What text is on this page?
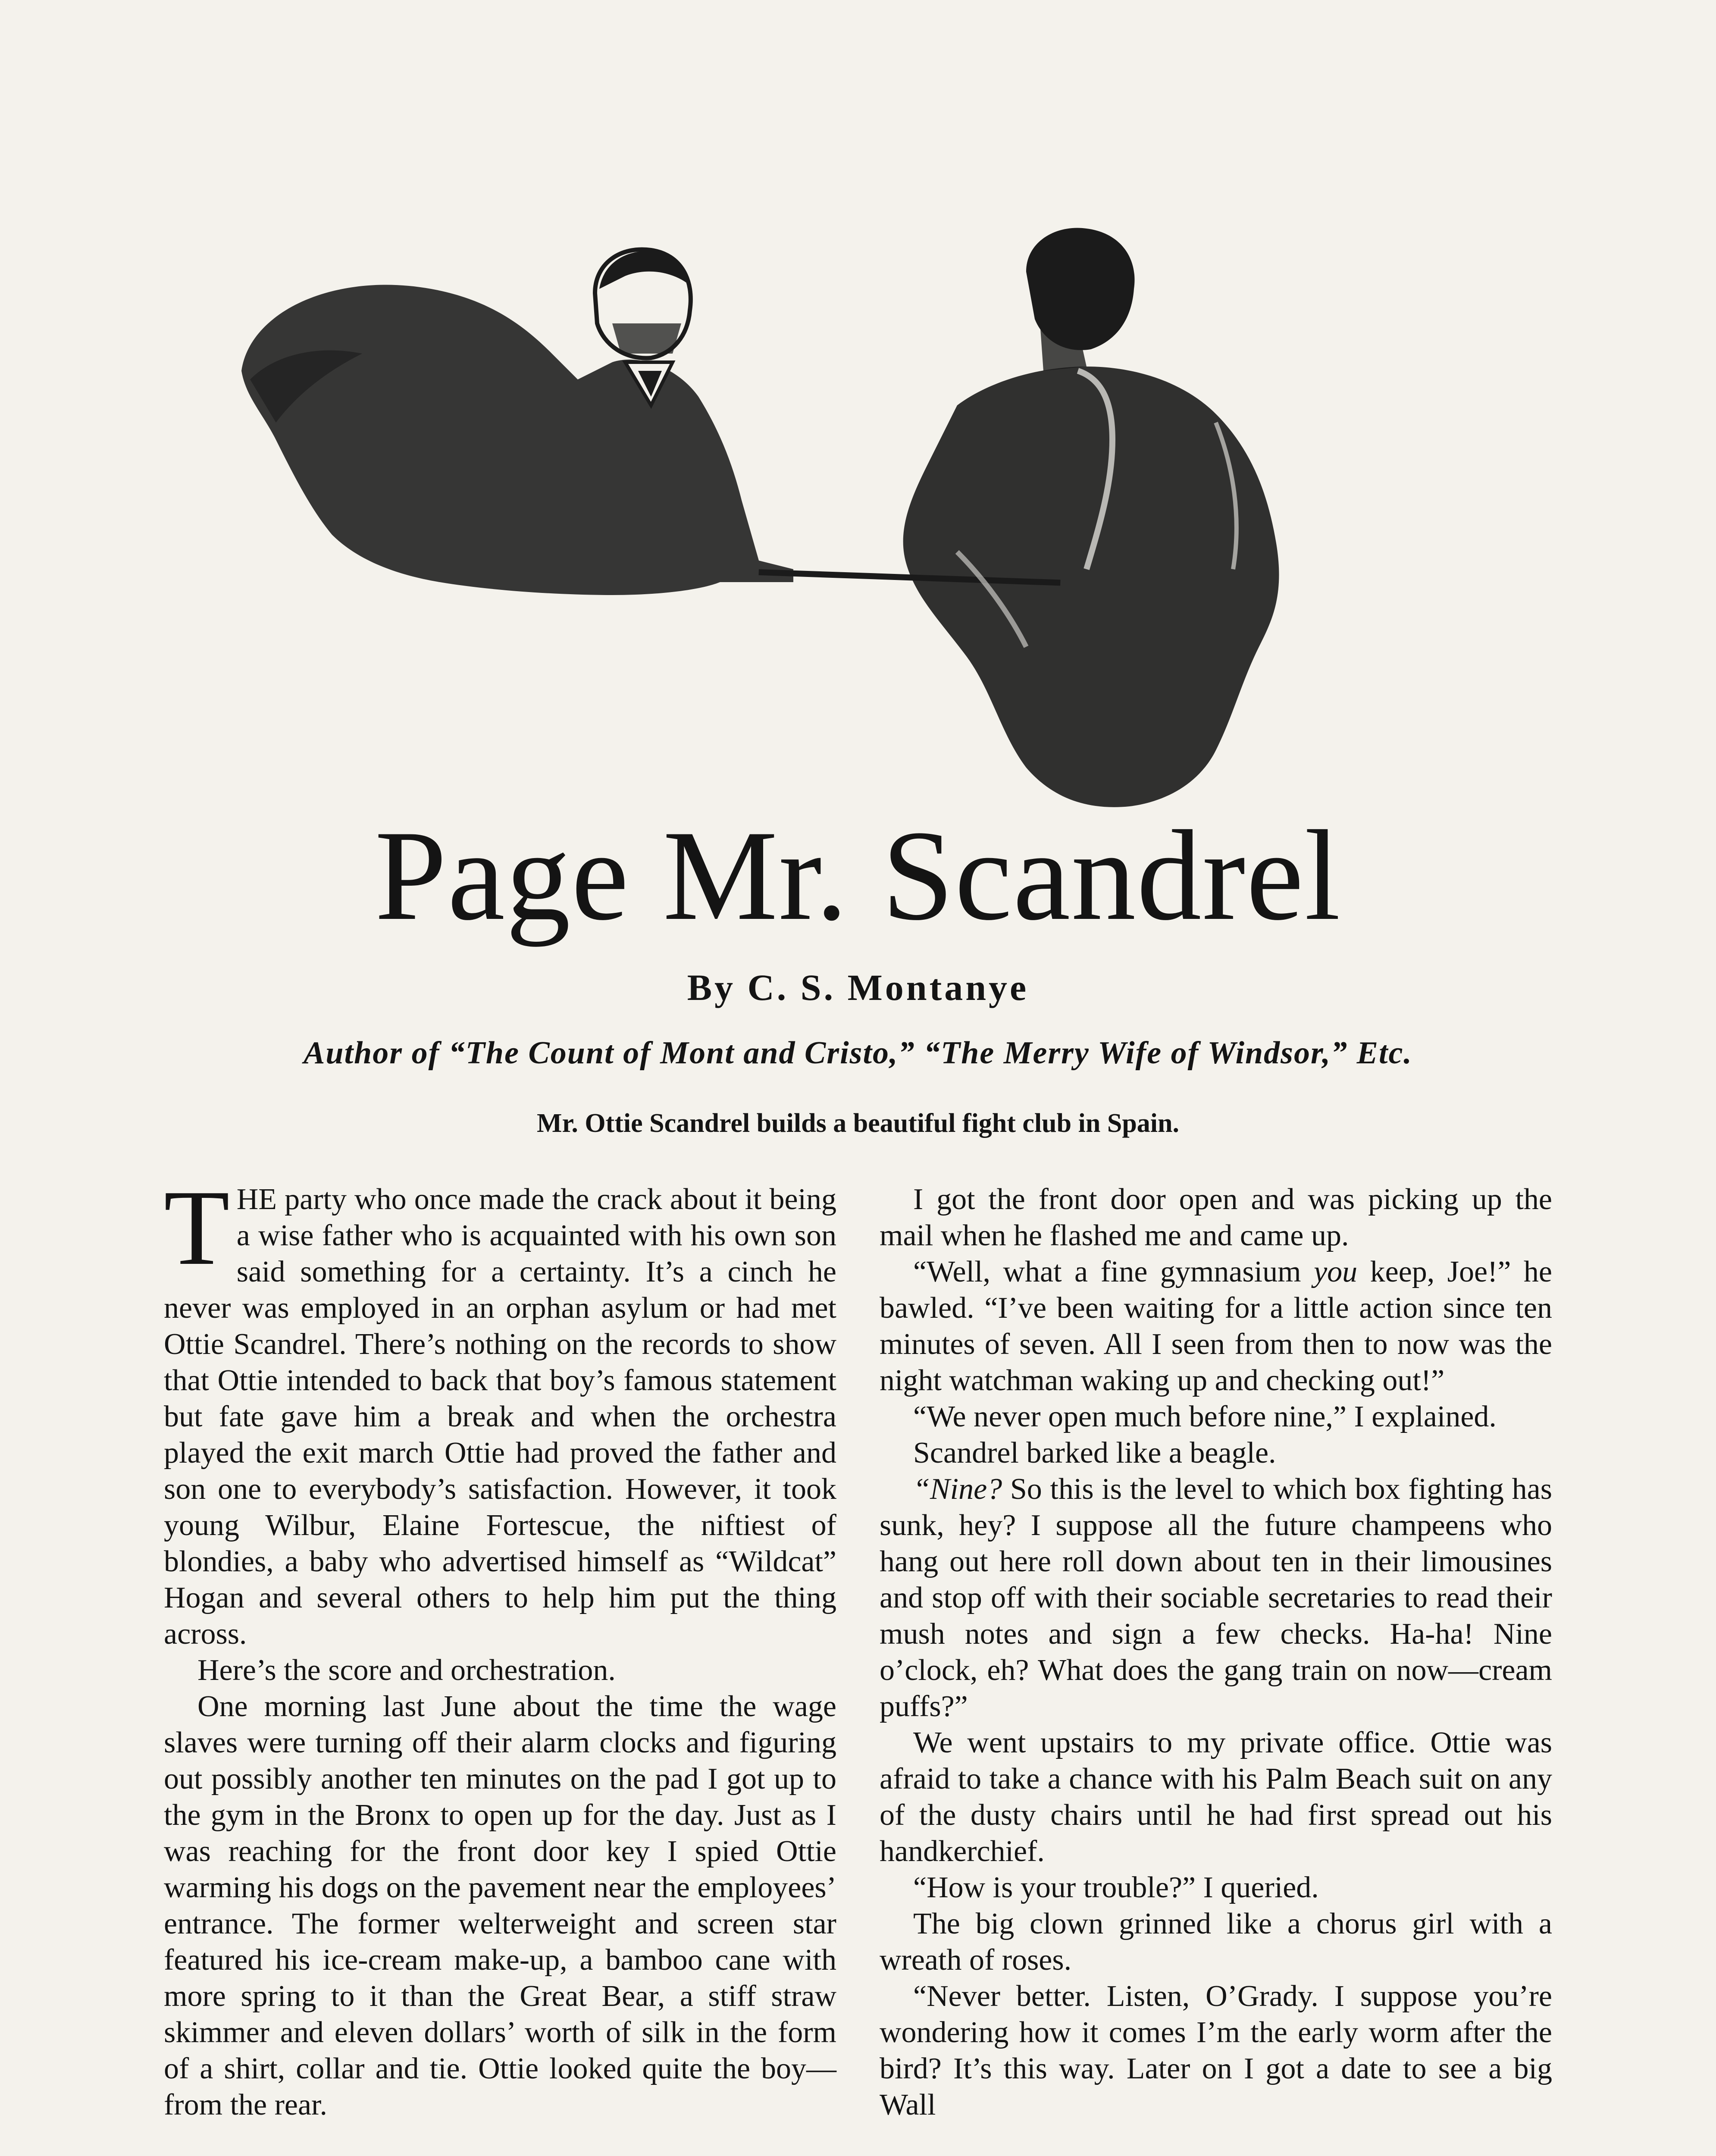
Page Mr. Scandrel
By C. S. Montanye
Author of “The Count of Mont and Cristo,” “The Merry Wife of Windsor,” Etc.
Mr. Ottie Scandrel builds a beautiful fight club in Spain.

THE party who once made the crack about it being a wise father who is acquainted with his own son said something for a certainty. It’s a cinch he never was employed in an orphan asylum or had met Ottie Scandrel. There’s nothing on the records to show that Ottie intended to back that boy’s famous statement but fate gave him a break and when the orchestra played the exit march Ottie had proved the father and son one to everybody’s satisfaction. However, it took young Wilbur, Elaine Fortescue, the niftiest of blondies, a baby who advertised himself as “Wildcat” Hogan and several others to help him put the thing across.

Here’s the score and orchestration.

One morning last June about the time the wage slaves were turning off their alarm clocks and figuring out possibly another ten minutes on the pad I got up to the gym in the Bronx to open up for the day. Just as I was reaching for the front door key I spied Ottie warming his dogs on the pavement near the employees’ entrance. The former welterweight and screen star featured his ice-cream make-up, a bamboo cane with more spring to it than the Great Bear, a stiff straw skimmer and eleven dollars’ worth of silk in the form of a shirt, collar and tie. Ottie looked quite the boy—from the rear.

I got the front door open and was picking up the mail when he flashed me and came up.

“Well, what a fine gymnasium you keep, Joe!” he bawled. “I’ve been waiting for a little action since ten minutes of seven. All I seen from then to now was the night watchman waking up and checking out!”

“We never open much before nine,” I explained.

Scandrel barked like a beagle.

“Nine? So this is the level to which box fighting has sunk, hey? I suppose all the future champeens who hang out here roll down about ten in their limousines and stop off with their sociable secretaries to read their mush notes and sign a few checks. Ha-ha! Nine o’clock, eh? What does the gang train on now—cream puffs?”

We went upstairs to my private office. Ottie was afraid to take a chance with his Palm Beach suit on any of the dusty chairs until he had first spread out his handkerchief.

“How is your trouble?” I queried.

The big clown grinned like a chorus girl with a wreath of roses.

“Never better. Listen, O’Grady. I suppose you’re wondering how it comes I’m the early worm after the bird? It’s this way. Later on I got a date to see a big Wall
